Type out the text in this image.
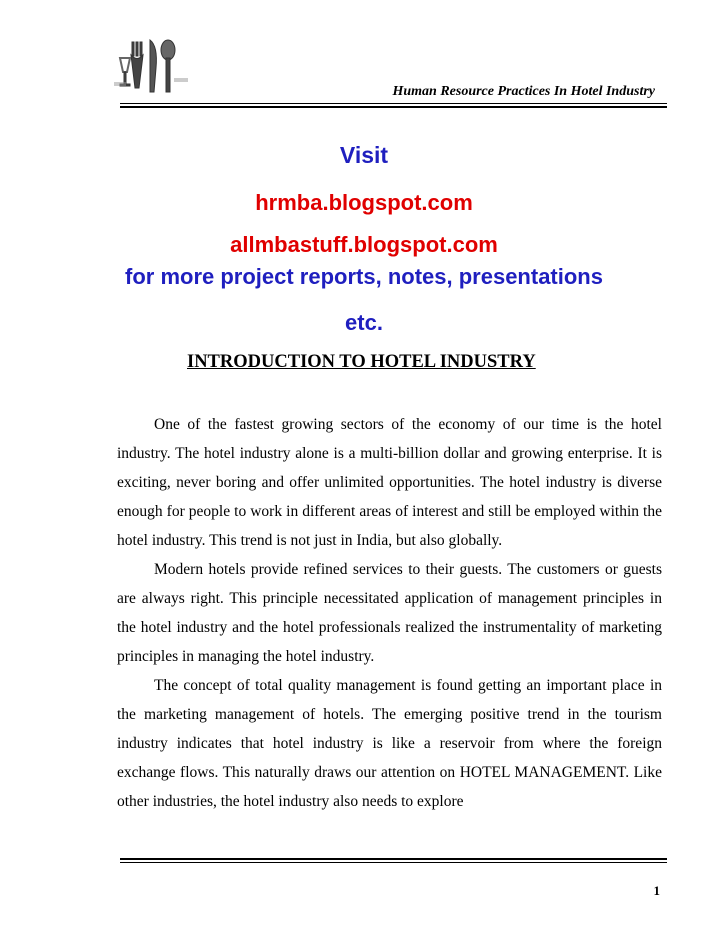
Human Resource Practices In Hotel Industry
Visit
hrmba.blogspot.com
allmbastuff.blogspot.com
for more project reports, notes, presentations
etc.
INTRODUCTION TO HOTEL INDUSTRY

One of the fastest growing sectors of the economy of our time is the hotel industry. The hotel industry alone is a multi-billion dollar and growing enterprise. It is exciting, never boring and offer unlimited opportunities. The hotel industry is diverse enough for people to work in different areas of interest and still be employed within the hotel industry. This trend is not just in India, but also globally.

Modern hotels provide refined services to their guests. The customers or guests are always right. This principle necessitated application of management principles in the hotel industry and the hotel professionals realized the instrumentality of marketing principles in managing the hotel industry.

The concept of total quality management is found getting an important place in the marketing management of hotels. The emerging positive trend in the tourism industry indicates that hotel industry is like a reservoir from where the foreign exchange flows. This naturally draws our attention on HOTEL MANAGEMENT. Like other industries, the hotel industry also needs to explore

1
